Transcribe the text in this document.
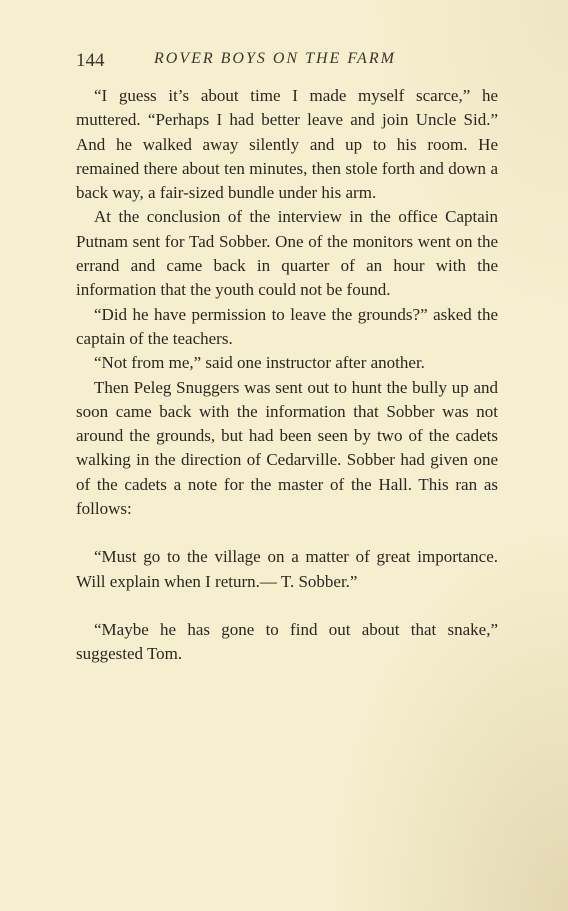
144	ROVER BOYS ON THE FARM

“I guess it’s about time I made myself scarce,” he muttered. “Perhaps I had better leave and join Uncle Sid.” And he walked away silently and up to his room. He remained there about ten minutes, then stole forth and down a back way, a fair-sized bundle under his arm.

At the conclusion of the interview in the office Captain Putnam sent for Tad Sobber. One of the monitors went on the errand and came back in quarter of an hour with the information that the youth could not be found.

“Did he have permission to leave the grounds?” asked the captain of the teachers.

“Not from me,” said one instructor after another.

Then Peleg Snuggers was sent out to hunt the bully up and soon came back with the information that Sobber was not around the grounds, but had been seen by two of the cadets walking in the direction of Cedarville. Sobber had given one of the cadets a note for the master of the Hall. This ran as follows:

“Must go to the village on a matter of great importance. Will explain when I return.— T. Sobber.”

“Maybe he has gone to find out about that snake,” suggested Tom.
